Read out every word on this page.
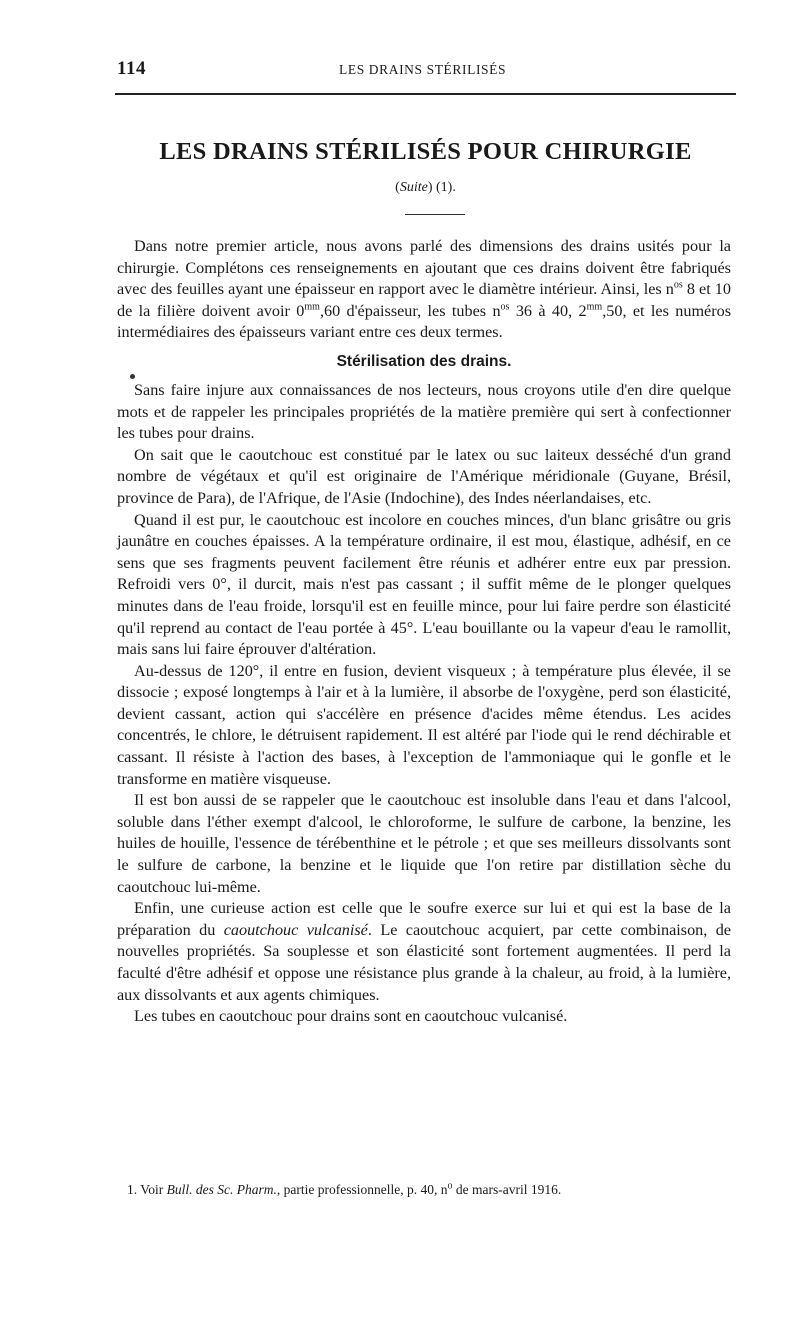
114	LES DRAINS STÉRILISÉS
LES DRAINS STÉRILISÉS POUR CHIRURGIE
(Suite) (1).

Dans notre premier article, nous avons parlé des dimensions des drains usités pour la chirurgie. Complétons ces renseignements en ajoutant que ces drains doivent être fabriqués avec des feuilles ayant une épaisseur en rapport avec le diamètre intérieur. Ainsi, les $n^{os}$ 8 et 10 de la filière doivent avoir $0^{mm},60$ d'épaisseur, les tubes $n^{os}$ 36 à 40, $2^{mm},50$, et les numéros intermédiaires des épaisseurs variant entre ces deux termes.

Stérilisation des drains.

Sans faire injure aux connaissances de nos lecteurs, nous croyons utile d'en dire quelque mots et de rappeler les principales propriétés de la matière première qui sert à confectionner les tubes pour drains.

On sait que le caoutchouc est constitué par le latex ou suc laiteux desséché d'un grand nombre de végétaux et qu'il est originaire de l'Amérique méridionale (Guyane, Brésil, province de Para), de l'Afrique, de l'Asie (Indochine), des Indes néerlandaises, etc.

Quand il est pur, le caoutchouc est incolore en couches minces, d'un blanc grisâtre ou gris jaunâtre en couches épaisses. A la température ordinaire, il est mou, élastique, adhésif, en ce sens que ses fragments peuvent facilement être réunis et adhérer entre eux par pression. Refroidi vers 0°, il durcit, mais n'est pas cassant ; il suffit même de le plonger quelques minutes dans de l'eau froide, lorsqu'il est en feuille mince, pour lui faire perdre son élasticité qu'il reprend au contact de l'eau portée à 45°. L'eau bouillante ou la vapeur d'eau le ramollit, mais sans lui faire éprouver d'altération.

Au-dessus de 120°, il entre en fusion, devient visqueux ; à température plus élevée, il se dissocie ; exposé longtemps à l'air et à la lumière, il absorbe de l'oxygène, perd son élasticité, devient cassant, action qui s'accélère en présence d'acides même étendus. Les acides concentrés, le chlore, le détruisent rapidement. Il est altéré par l'iode qui le rend déchirable et cassant. Il résiste à l'action des bases, à l'exception de l'ammoniaque qui le gonfle et le transforme en matière visqueuse.

Il est bon aussi de se rappeler que le caoutchouc est insoluble dans l'eau et dans l'alcool, soluble dans l'éther exempt d'alcool, le chloroforme, le sulfure de carbone, la benzine, les huiles de houille, l'essence de térébenthine et le pétrole ; et que ses meilleurs dissolvants sont le sulfure de carbone, la benzine et le liquide que l'on retire par distillation sèche du caoutchouc lui-même.

Enfin, une curieuse action est celle que le soufre exerce sur lui et qui est la base de la préparation du caoutchouc vulcanisé. Le caoutchouc acquiert, par cette combinaison, de nouvelles propriétés. Sa souplesse et son élasticité sont fortement augmentées. Il perd la faculté d'être adhésif et oppose une résistance plus grande à la chaleur, au froid, à la lumière, aux dissolvants et aux agents chimiques.

Les tubes en caoutchouc pour drains sont en caoutchouc vulcanisé.

1. Voir Bull. des Sc. Pharm., partie professionnelle, p. 40, $n^o$ de mars-avril 1916.
